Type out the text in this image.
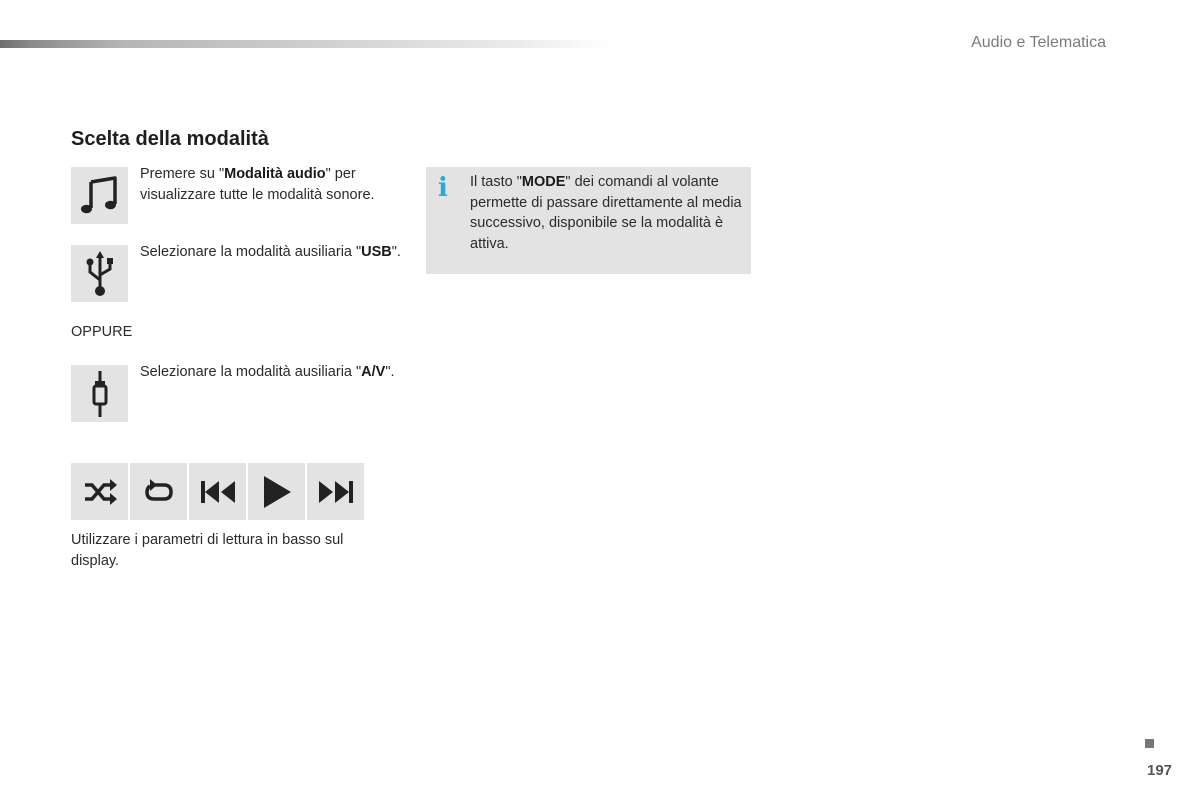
Audio e Telematica
Scelta della modalità
Premere su "Modalità audio" per visualizzare tutte le modalità sonore.
Selezionare la modalità ausiliaria "USB".
OPPURE
Selezionare la modalità ausiliaria "A/V".
i Il tasto "MODE" dei comandi al volante permette di passare direttamente al media successivo, disponibile se la modalità è attiva.
Utilizzare i parametri di lettura in basso sul display.
197
